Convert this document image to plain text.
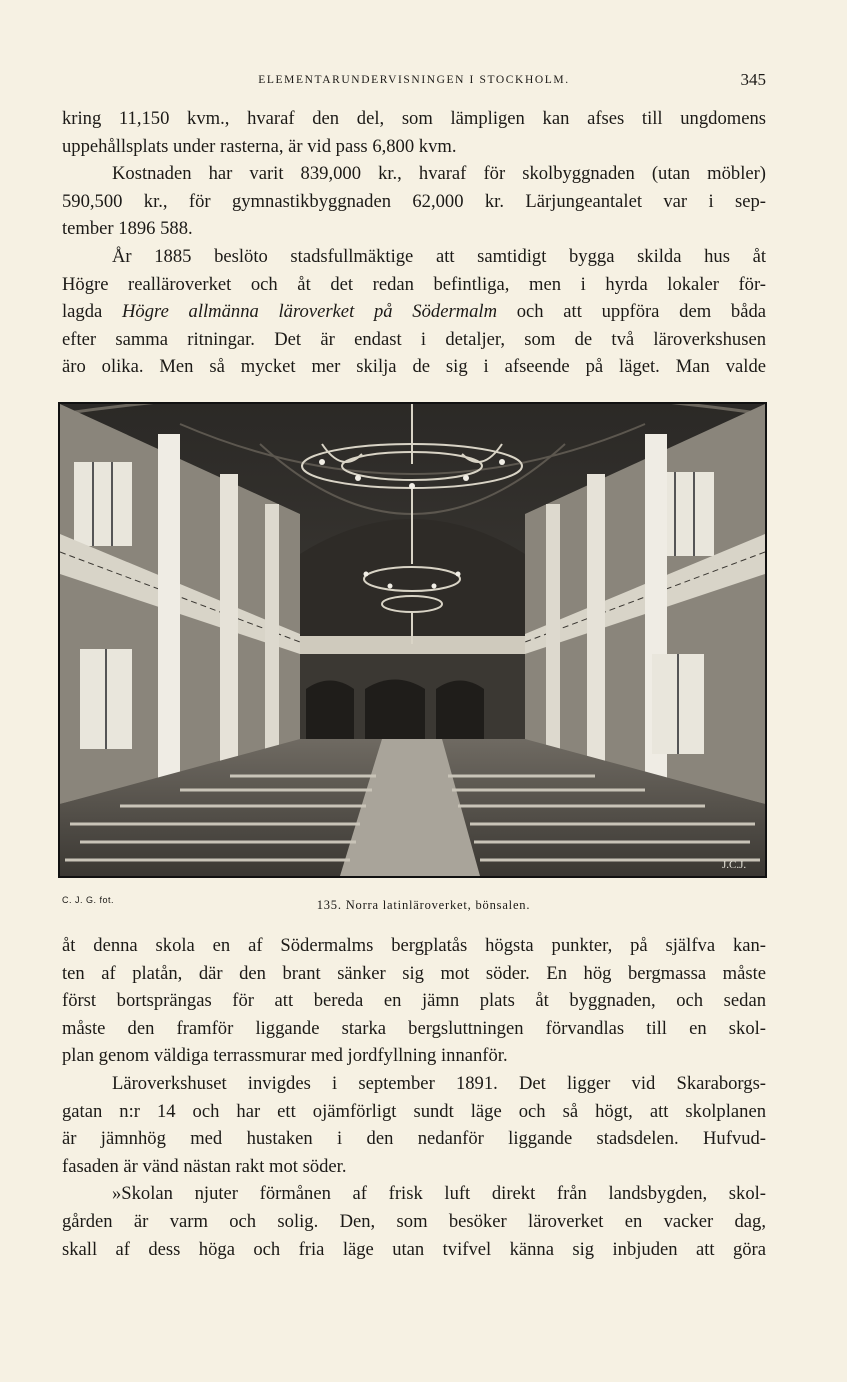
ELEMENTARUNDERVISNINGEN I STOCKHOLM.	345

kring 11,150 kvm., hvaraf den del, som lämpligen kan afses till ungdomens
uppehållsplats under rasterna, är vid pass 6,800 kvm.

Kostnaden har varit 839,000 kr., hvaraf för skolbyggnaden (utan möbler)
590,500 kr., för gymnastikbyggnaden 62,000 kr. Lärjungeantalet var i sep-
tember 1896 588.

År 1885 beslöto stadsfullmäktige att samtidigt bygga skilda hus åt
Högre realläroverket och åt det redan befintliga, men i hyrda lokaler för-
lagda Högre allmänna läroverket på Södermalm och att uppföra dem båda
efter samma ritningar. Det är endast i detaljer, som de två läroverkshusen
äro olika. Men så mycket mer skilja de sig i afseende på läget. Man valde

J.C.J.
C. J. G. fot.	135. Norra latinläroverket, bönsalen.

åt denna skola en af Södermalms bergplatås högsta punkter, på själfva kan-
ten af platån, där den brant sänker sig mot söder. En hög bergmassa måste
först bortsprängas för att bereda en jämn plats åt byggnaden, och sedan
måste den framför liggande starka bergsluttningen förvandlas till en skol-
plan genom väldiga terrassmurar med jordfyllning innanför.

Läroverkshuset invigdes i september 1891. Det ligger vid Skaraborgs-
gatan n:r 14 och har ett ojämförligt sundt läge och så högt, att skolplanen
är jämnhög med hustaken i den nedanför liggande stadsdelen. Hufvud-
fasaden är vänd nästan rakt mot söder.

»Skolan njuter förmånen af frisk luft direkt från landsbygden, skol-
gården är varm och solig. Den, som besöker läroverket en vacker dag,
skall af dess höga och fria läge utan tvifvel känna sig inbjuden att göra
